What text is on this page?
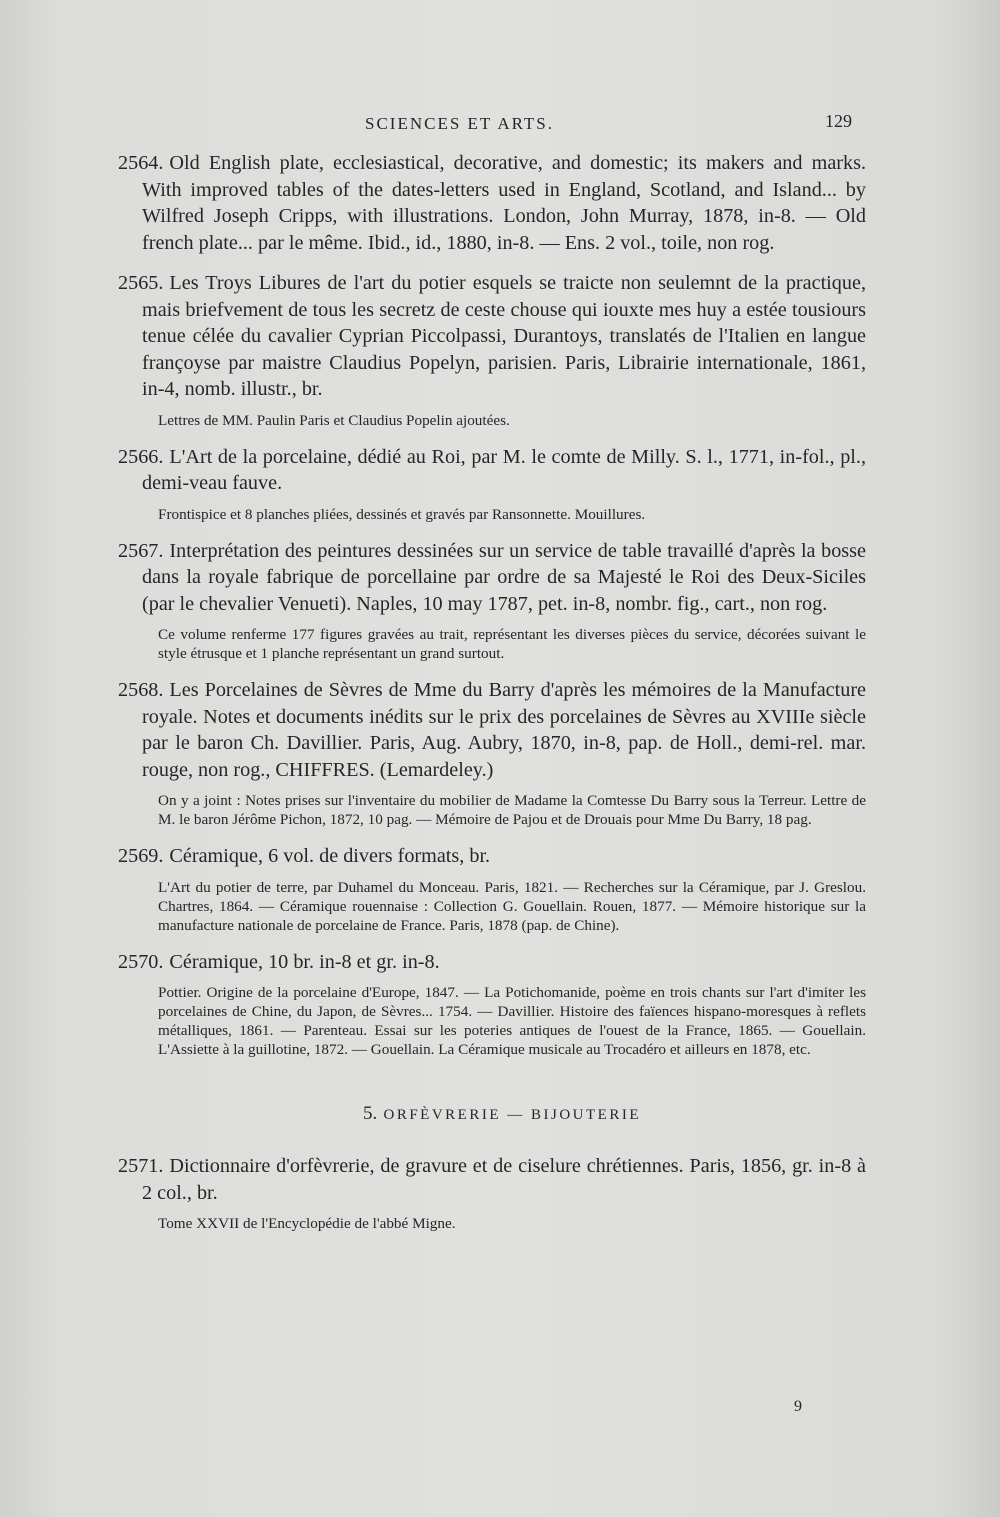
SCIENCES ET ARTS.	129
2564. Old English plate, ecclesiastical, decorative, and domestic; its makers and marks. With improved tables of the dates-letters used in England, Scotland, and Island... by Wilfred Joseph Cripps, with illustrations. London, John Murray, 1878, in-8. — Old french plate... par le même. Ibid., id., 1880, in-8. — Ens. 2 vol., toile, non rog.
2565. Les Troys Libures de l'art du potier esquels se traicte non seulemnt de la practique, mais briefvement de tous les secretz de ceste chouse qui iouxte mes huy a estée tousiours tenue célée du cavalier Cyprian Piccolpassi, Durantoys, translatés de l'Italien en langue françoyse par maistre Claudius Popelyn, parisien. Paris, Librairie internationale, 1861, in-4, nomb. illustr., br.
Lettres de MM. Paulin Paris et Claudius Popelin ajoutées.
2566. L'Art de la porcelaine, dédié au Roi, par M. le comte de Milly. S. l., 1771, in-fol., pl., demi-veau fauve.
Frontispice et 8 planches pliées, dessinés et gravés par Ransonnette. Mouillures.
2567. Interprétation des peintures dessinées sur un service de table travaillé d'après la bosse dans la royale fabrique de porcellaine par ordre de sa Majesté le Roi des Deux-Siciles (par le chevalier Venueti). Naples, 10 may 1787, pet. in-8, nombr. fig., cart., non rog.
Ce volume renferme 177 figures gravées au trait, représentant les diverses pièces du service, décorées suivant le style étrusque et 1 planche représentant un grand surtout.
2568. Les Porcelaines de Sèvres de Mme du Barry d'après les mémoires de la Manufacture royale. Notes et documents inédits sur le prix des porcelaines de Sèvres au XVIIIe siècle par le baron Ch. Davillier. Paris, Aug. Aubry, 1870, in-8, pap. de Holl., demi-rel. mar. rouge, non rog., CHIFFRES. (Lemardeley.)
On y a joint : Notes prises sur l'inventaire du mobilier de Madame la Comtesse Du Barry sous la Terreur. Lettre de M. le baron Jérôme Pichon, 1872, 10 pag. — Mémoire de Pajou et de Drouais pour Mme Du Barry, 18 pag.
2569. Céramique, 6 vol. de divers formats, br.
L'Art du potier de terre, par Duhamel du Monceau. Paris, 1821. — Recherches sur la Céramique, par J. Greslou. Chartres, 1864. — Céramique rouennaise : Collection G. Gouellain. Rouen, 1877. — Mémoire historique sur la manufacture nationale de porcelaine de France. Paris, 1878 (pap. de Chine).
2570. Céramique, 10 br. in-8 et gr. in-8.
Pottier. Origine de la porcelaine d'Europe, 1847. — La Potichomanide, poème en trois chants sur l'art d'imiter les porcelaines de Chine, du Japon, de Sèvres... 1754. — Davillier. Histoire des faïences hispano-moresques à reflets métalliques, 1861. — Parenteau. Essai sur les poteries antiques de l'ouest de la France, 1865. — Gouellain. L'Assiette à la guillotine, 1872. — Gouellain. La Céramique musicale au Trocadéro et ailleurs en 1878, etc.
5. ORFÈVRERIE — BIJOUTERIE
2571. Dictionnaire d'orfèvrerie, de gravure et de ciselure chrétiennes. Paris, 1856, gr. in-8 à 2 col., br.
Tome XXVII de l'Encyclopédie de l'abbé Migne.
9
